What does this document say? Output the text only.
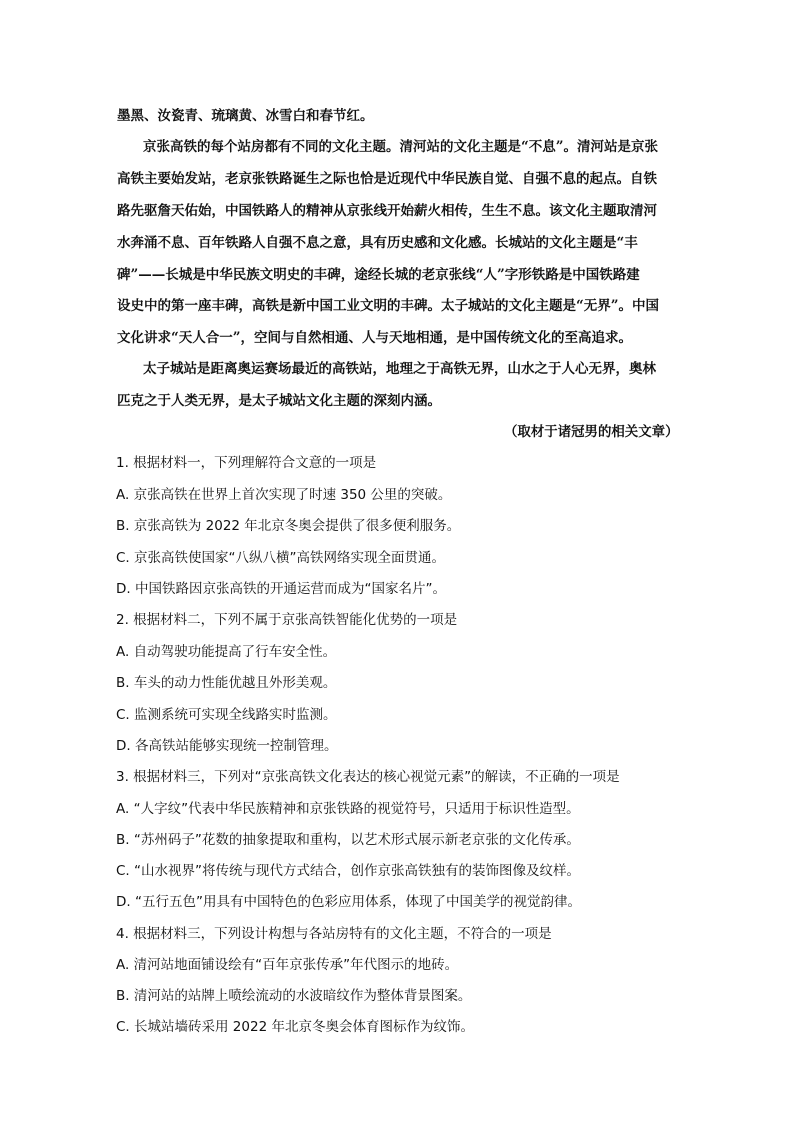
墨黑、汝瓷青、琉璃黄、冰雪白和春节红。
京张高铁的每个站房都有不同的文化主题。清河站的文化主题是“不息”。清河站是京张
高铁主要始发站，老京张铁路诞生之际也恰是近现代中华民族自觉、自强不息的起点。自铁
路先驱詹天佑始，中国铁路人的精神从京张线开始薪火相传，生生不息。该文化主题取清河
水奔涌不息、百年铁路人自强不息之意，具有历史感和文化感。长城站的文化主题是“丰
碑”——长城是中华民族文明史的丰碑，途经长城的老京张线“人”字形铁路是中国铁路建
设史中的第一座丰碑，高铁是新中国工业文明的丰碑。太子城站的文化主题是“无界”。中国
文化讲求“天人合一”，空间与自然相通、人与天地相通，是中国传统文化的至高追求。
太子城站是距离奥运赛场最近的高铁站，地理之于高铁无界，山水之于人心无界，奥林
匹克之于人类无界，是太子城站文化主题的深刻内涵。
（取材于诸冠男的相关文章）
1. 根据材料一，下列理解符合文意的一项是
A. 京张高铁在世界上首次实现了时速 350 公里的突破。
B. 京张高铁为 2022 年北京冬奥会提供了很多便利服务。
C. 京张高铁使国家“八纵八横”高铁网络实现全面贯通。
D. 中国铁路因京张高铁的开通运营而成为“国家名片”。
2. 根据材料二，下列不属于京张高铁智能化优势的一项是
A. 自动驾驶功能提高了行车安全性。
B. 车头的动力性能优越且外形美观。
C. 监测系统可实现全线路实时监测。
D. 各高铁站能够实现统一控制管理。
3. 根据材料三，下列对“京张高铁文化表达的核心视觉元素”的解读，不正确的一项是
A. “人字纹”代表中华民族精神和京张铁路的视觉符号，只适用于标识性造型。
B. “苏州码子”花数的抽象提取和重构，以艺术形式展示新老京张的文化传承。
C. “山水视界”将传统与现代方式结合，创作京张高铁独有的装饰图像及纹样。
D. “五行五色”用具有中国特色的色彩应用体系，体现了中国美学的视觉韵律。
4. 根据材料三，下列设计构想与各站房特有的文化主题，不符合的一项是
A. 清河站地面铺设绘有“百年京张传承”年代图示的地砖。
B. 清河站的站牌上喷绘流动的水波暗纹作为整体背景图案。
C. 长城站墙砖采用 2022 年北京冬奥会体育图标作为纹饰。
